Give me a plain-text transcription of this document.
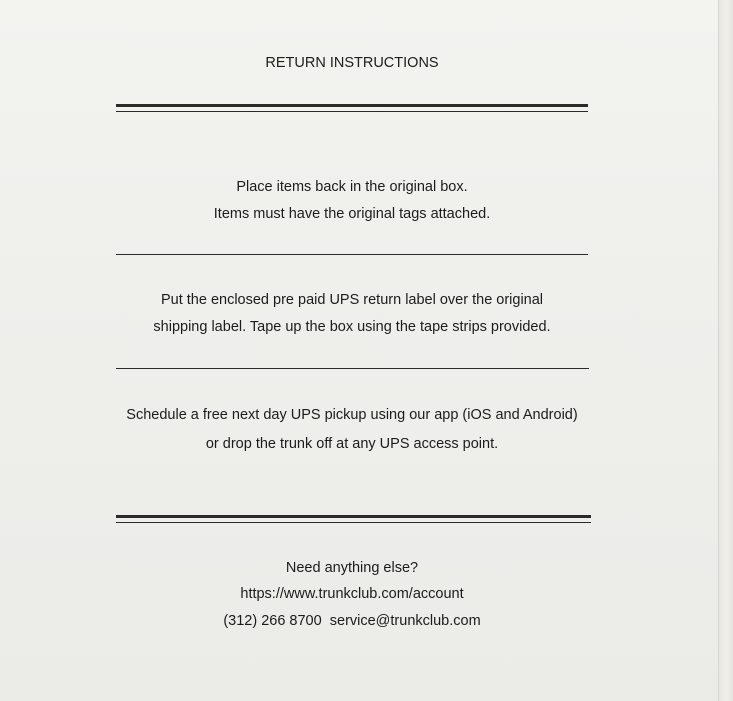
RETURN INSTRUCTIONS
Place items back in the original box.
Items must have the original tags attached.
Put the enclosed pre paid UPS return label over the original
shipping label. Tape up the box using the tape strips provided.
Schedule a free next day UPS pickup using our app (iOS and Android)
or drop the trunk off at any UPS access point.
Need anything else?
https://www.trunkclub.com/account
(312) 266 8700 service@trunkclub.com
